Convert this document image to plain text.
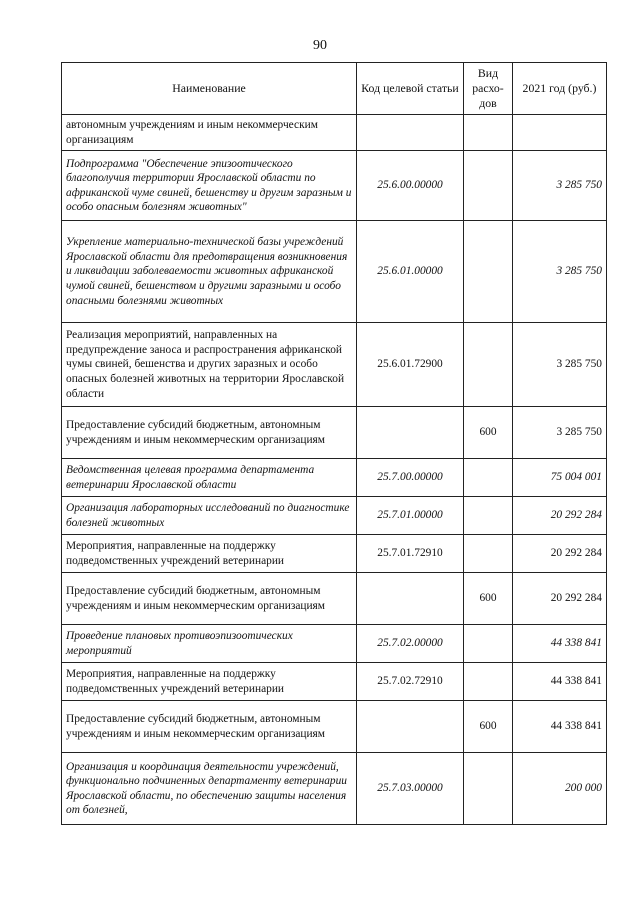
90
Наименование	Код целевой статьи	Вид расхо-дов	2021 год (руб.)
автономным учреждениям и иным некоммерческим организациям			
Подпрограмма "Обеспечение эпизоотического благополучия территории Ярославской области по африканской чуме свиней, бешенству и другим заразным и особо опасным болезням животных"	25.6.00.00000		3 285 750
Укрепление материально-технической базы учреждений Ярославской области для предотвращения возникновения и ликвидации заболеваемости животных африканской чумой свиней, бешенством и другими заразными и особо опасными болезнями животных	25.6.01.00000		3 285 750
Реализация мероприятий, направленных на предупреждение заноса и распространения африканской чумы свиней, бешенства и других заразных и особо опасных болезней животных на территории Ярославской области	25.6.01.72900		3 285 750
Предоставление субсидий бюджетным, автономным учреждениям и иным некоммерческим организациям		600	3 285 750
Ведомственная целевая программа департамента ветеринарии Ярославской области	25.7.00.00000		75 004 001
Организация лабораторных исследований по диагностике болезней животных	25.7.01.00000		20 292 284
Мероприятия, направленные на поддержку подведомственных учреждений ветеринарии	25.7.01.72910		20 292 284
Предоставление субсидий бюджетным, автономным учреждениям и иным некоммерческим организациям		600	20 292 284
Проведение плановых противоэпизоотических мероприятий	25.7.02.00000		44 338 841
Мероприятия, направленные на поддержку подведомственных учреждений ветеринарии	25.7.02.72910		44 338 841
Предоставление субсидий бюджетным, автономным учреждениям и иным некоммерческим организациям		600	44 338 841
Организация и координация деятельности учреждений, функционально подчиненных департаменту ветеринарии Ярославской области, по обеспечению защиты населения от болезней,	25.7.03.00000		200 000
